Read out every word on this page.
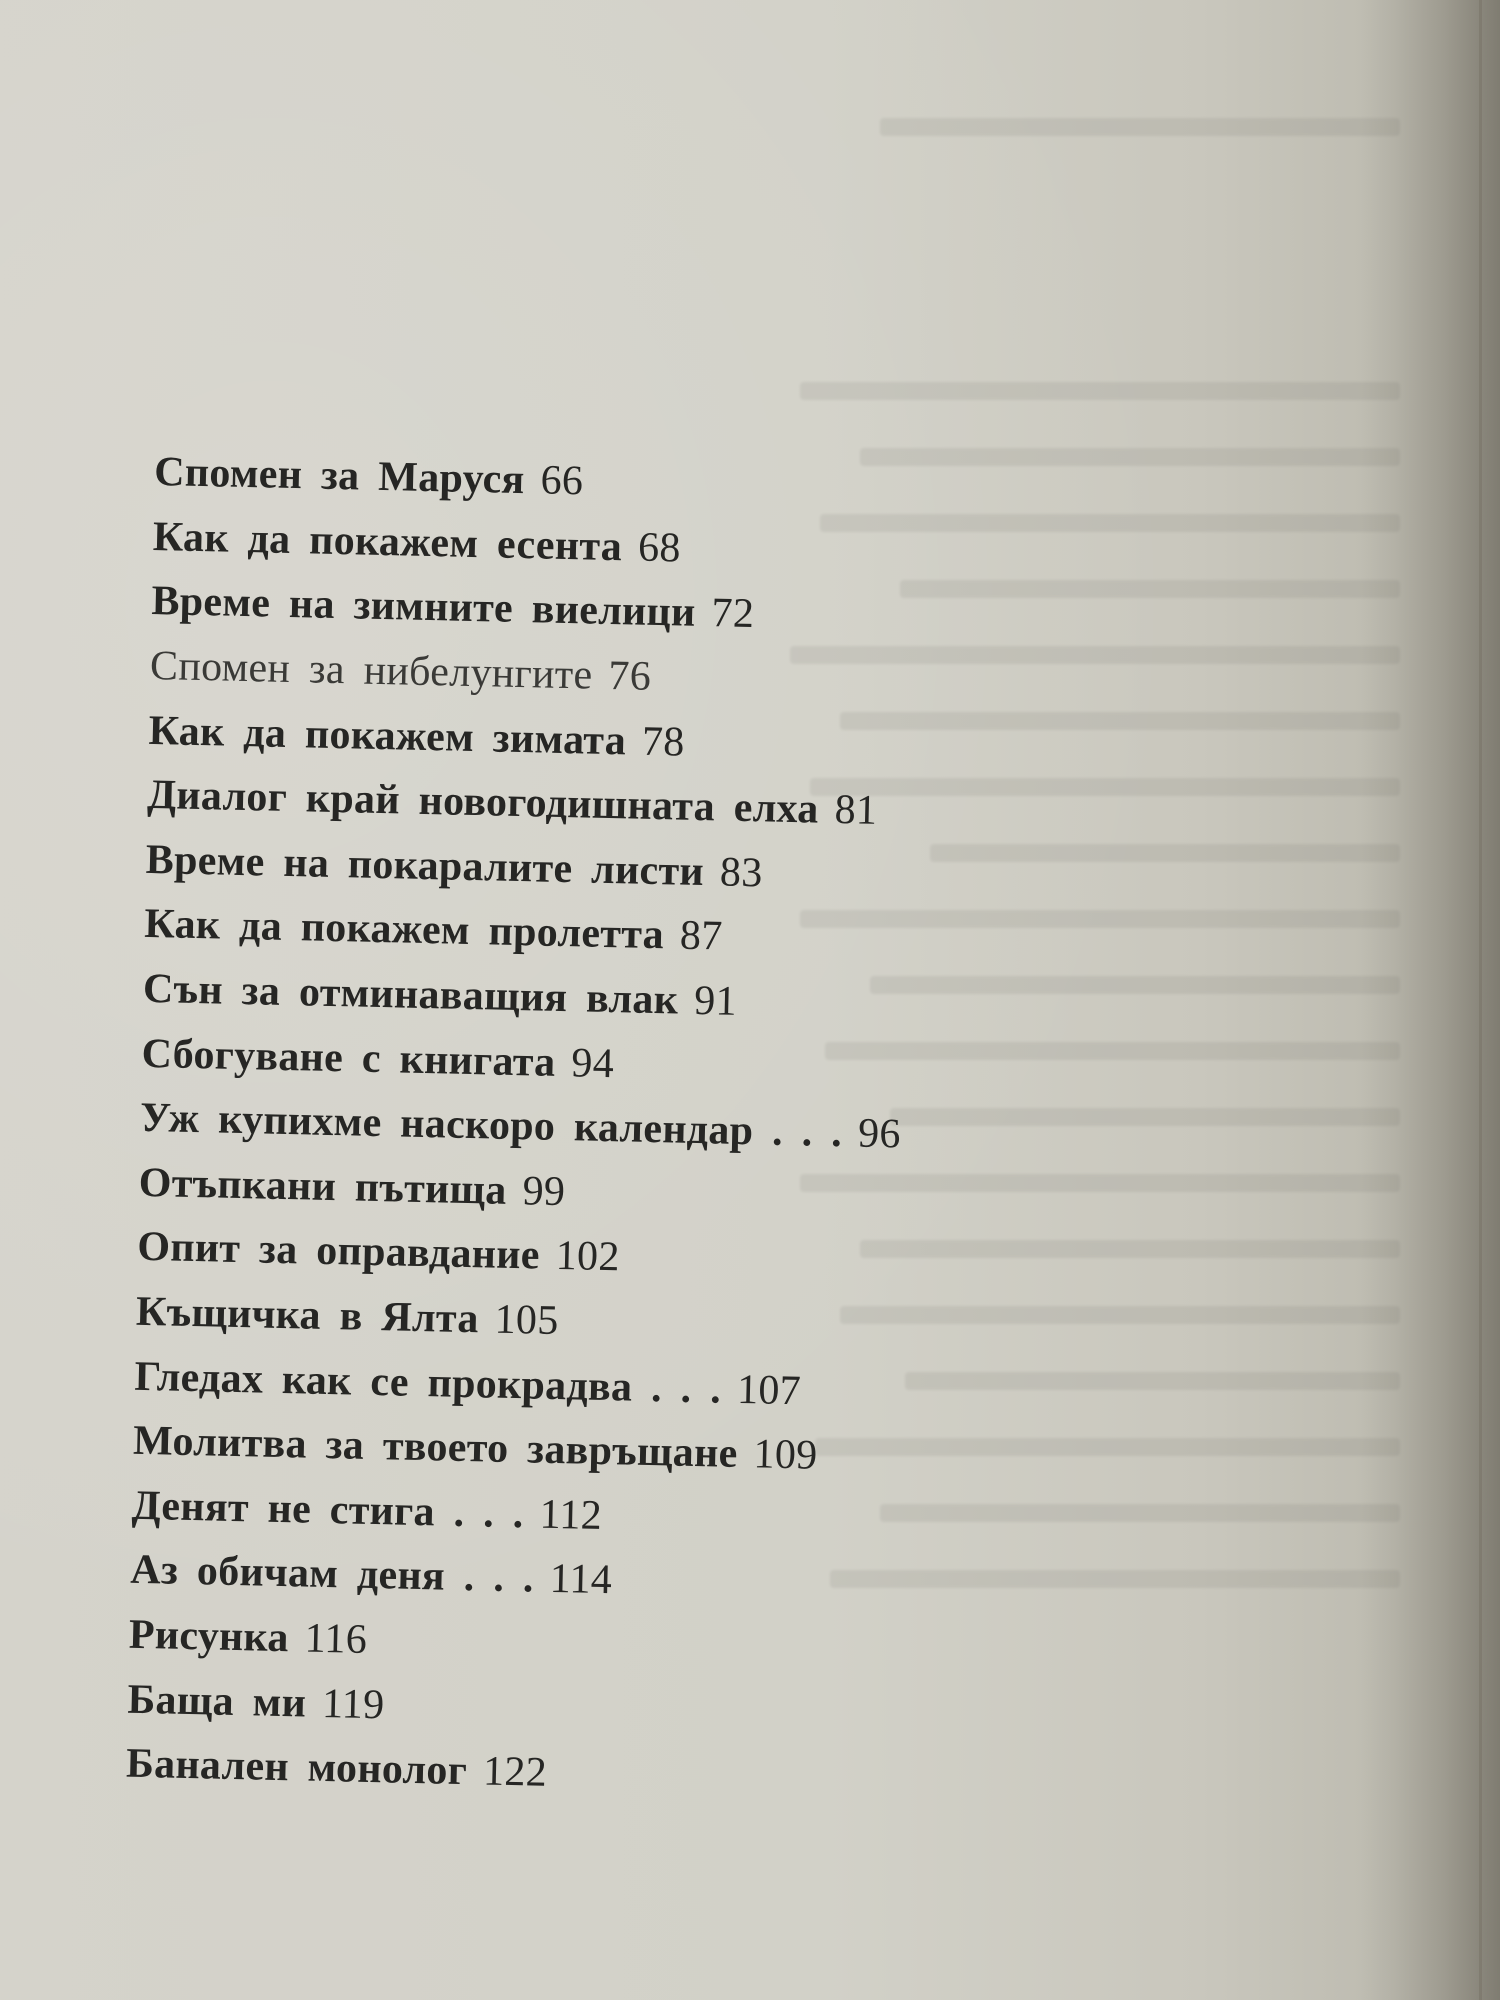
Спомен за Маруся 66
Как да покажем есента 68
Време на зимните виелици 72
Спомен за нибелунгите 76
Как да покажем зимата 78
Диалог край новогодишната елха 81
Време на покаралите листи 83
Как да покажем пролетта 87
Сън за отминаващия влак 91
Сбогуване с книгата 94
Уж купихме наскоро календар . . . 96
Отъпкани пътища 99
Опит за оправдание 102
Къщичка в Ялта 105
Гледах как се прокрадва . . . 107
Молитва за твоето завръщане 109
Денят не стига . . . 112
Аз обичам деня . . . 114
Рисунка 116
Баща ми 119
Банален монолог 122
